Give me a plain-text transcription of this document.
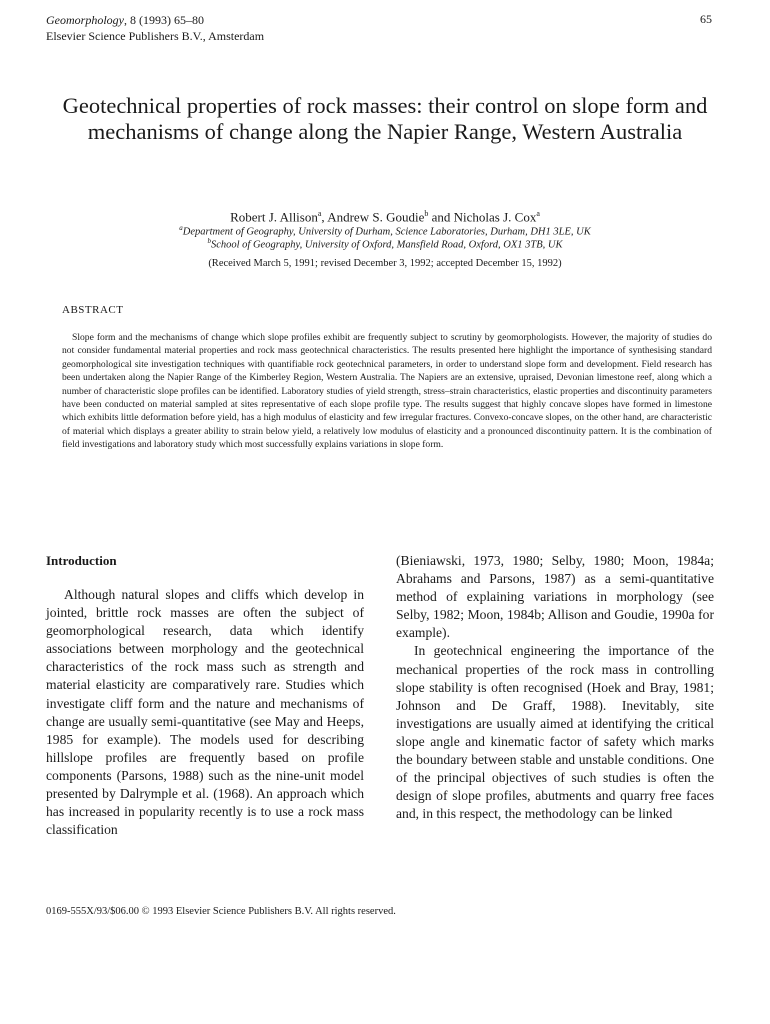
Geomorphology, 8 (1993) 65–80
Elsevier Science Publishers B.V., Amsterdam
65
Geotechnical properties of rock masses: their control on slope form and mechanisms of change along the Napier Range, Western Australia
Robert J. Allison$^a$, Andrew S. Goudie$^b$ and Nicholas J. Cox$^a$
$^a$Department of Geography, University of Durham, Science Laboratories, Durham, DH1 3LE, UK
$^b$School of Geography, University of Oxford, Mansfield Road, Oxford, OX1 3TB, UK
(Received March 5, 1991; revised December 3, 1992; accepted December 15, 1992)
ABSTRACT

Slope form and the mechanisms of change which slope profiles exhibit are frequently subject to scrutiny by geomorphologists. However, the majority of studies do not consider fundamental material properties and rock mass geotechnical characteristics. The results presented here highlight the importance of synthesising standard geomorphological site investigation techniques with quantifiable rock geotechnical parameters, in order to understand slope form and development. Field research has been undertaken along the Napier Range of the Kimberley Region, Western Australia. The Napiers are an extensive, upraised, Devonian limestone reef, along which a number of characteristic slope profiles can be identified. Laboratory studies of yield strength, stress–strain characteristics, elastic properties and discontinuity parameters have been conducted on material sampled at sites representative of each slope profile type. The results suggest that highly concave slopes have formed in limestone which exhibits little deformation before yield, has a high modulus of elasticity and few irregular fractures. Convexo-concave slopes, on the other hand, are characteristic of material which displays a greater ability to strain below yield, a relatively low modulus of elasticity and a pronounced discontinuity pattern. It is the combination of field investigations and laboratory study which most successfully explains variations in slope form.

Introduction

Although natural slopes and cliffs which develop in jointed, brittle rock masses are often the subject of geomorphological research, data which identify associations between morphology and the geotechnical characteristics of the rock mass such as strength and material elasticity are comparatively rare. Studies which investigate cliff form and the nature and mechanisms of change are usually semi-quantitative (see May and Heeps, 1985 for example). The models used for describing hillslope profiles are frequently based on profile components (Parsons, 1988) such as the nine-unit model presented by Dalrymple et al. (1968). An approach which has increased in popularity recently is to use a rock mass classification

(Bieniawski, 1973, 1980; Selby, 1980; Moon, 1984a; Abrahams and Parsons, 1987) as a semi-quantitative method of explaining variations in morphology (see Selby, 1982; Moon, 1984b; Allison and Goudie, 1990a for example).

In geotechnical engineering the importance of the mechanical properties of the rock mass in controlling slope stability is often recognised (Hoek and Bray, 1981; Johnson and De Graff, 1988). Inevitably, site investigations are usually aimed at identifying the critical slope angle and kinematic factor of safety which marks the boundary between stable and unstable conditions. One of the principal objectives of such studies is often the design of slope profiles, abutments and quarry free faces and, in this respect, the methodology can be linked

0169-555X/93/$06.00 © 1993 Elsevier Science Publishers B.V. All rights reserved.
